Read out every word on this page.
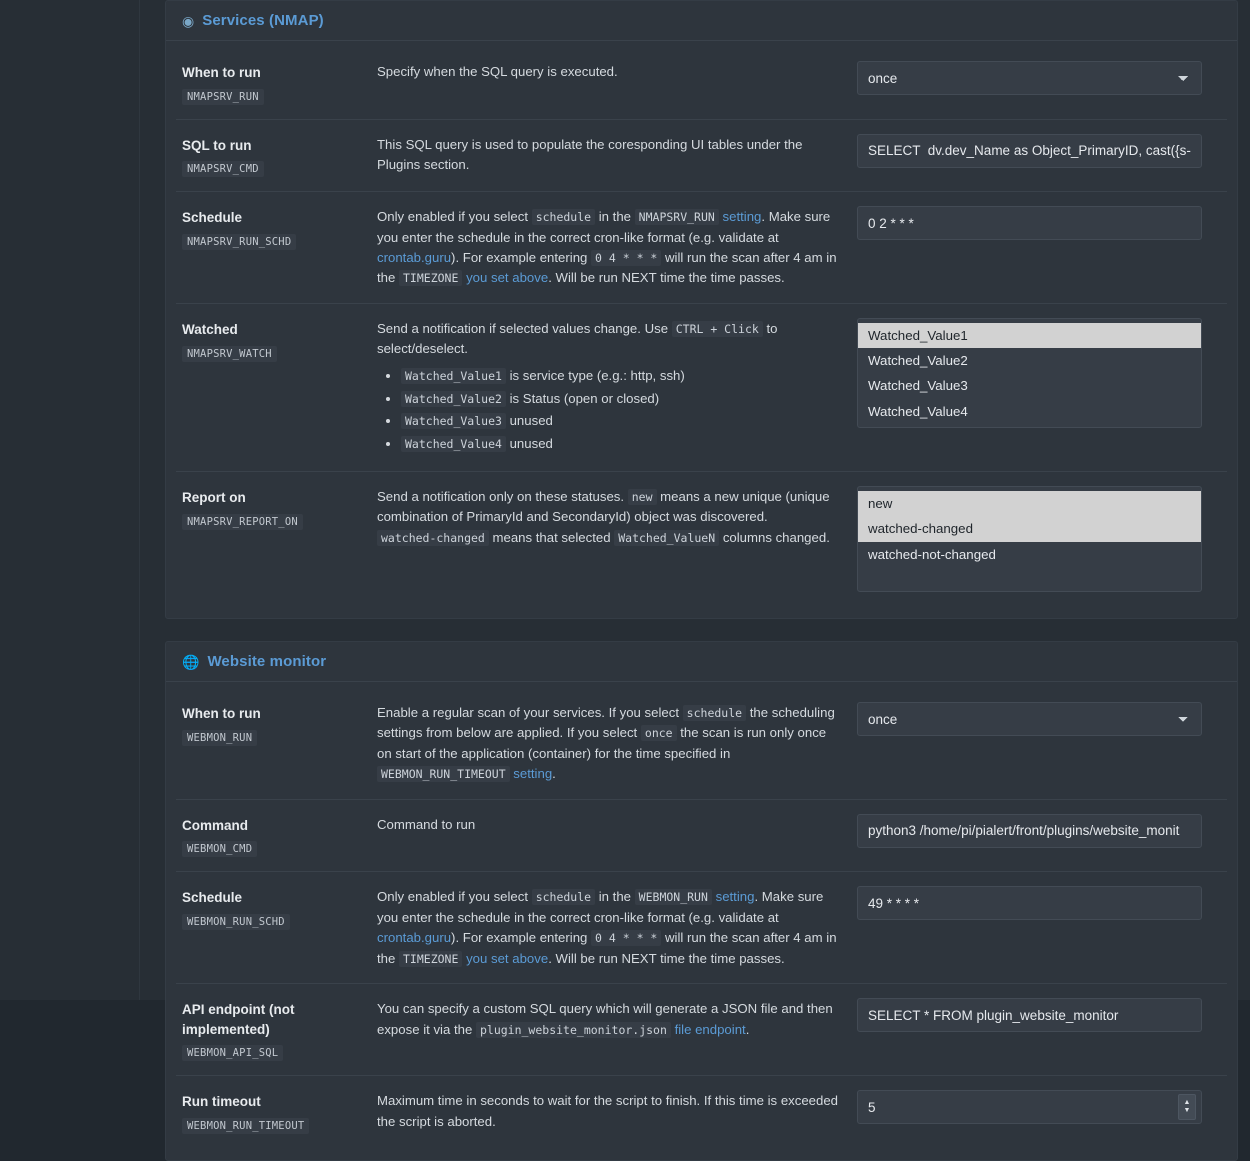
◉ Services (NMAP)
When to run
NMAPSRV_RUN
Specify when the SQL query is executed.
once
SQL to run
NMAPSRV_CMD
This SQL query is used to populate the coresponding UI tables under the Plugins section.
SELECT dv.dev_Name as Object_PrimaryID, cast({s-quo
Schedule
NMAPSRV_RUN_SCHD
Only enabled if you select schedule in the NMAPSRV_RUN setting. Make sure you enter the schedule in the correct cron-like format (e.g. validate at crontab.guru). For example entering 0 4 * * * will run the scan after 4 am in the TIMEZONE you set above. Will be run NEXT time the time passes.
0 2 * * *
Watched
NMAPSRV_WATCH
Send a notification if selected values change. Use CTRL + Click to select/deselect.
• Watched_Value1 is service type (e.g.: http, ssh)
• Watched_Value2 is Status (open or closed)
• Watched_Value3 unused
• Watched_Value4 unused
Watched_Value1
Watched_Value2
Watched_Value3
Watched_Value4
Report on
NMAPSRV_REPORT_ON
Send a notification only on these statuses. new means a new unique (unique combination of PrimaryId and SecondaryId) object was discovered. watched-changed means that selected Watched_ValueN columns changed.
new
watched-changed
watched-not-changed
🌐 Website monitor
When to run
WEBMON_RUN
Enable a regular scan of your services. If you select schedule the scheduling settings from below are applied. If you select once the scan is run only once on start of the application (container) for the time specified in WEBMON_RUN_TIMEOUT setting.
once
Command
WEBMON_CMD
Command to run
python3 /home/pi/pialert/front/plugins/website_monit
Schedule
WEBMON_RUN_SCHD
Only enabled if you select schedule in the WEBMON_RUN setting. Make sure you enter the schedule in the correct cron-like format (e.g. validate at crontab.guru). For example entering 0 4 * * * will run the scan after 4 am in the TIMEZONE you set above. Will be run NEXT time the time passes.
49 * * * *
API endpoint (not implemented)
WEBMON_API_SQL
You can specify a custom SQL query which will generate a JSON file and then expose it via the plugin_website_monitor.json file endpoint.
SELECT * FROM plugin_website_monitor
Run timeout
WEBMON_RUN_TIMEOUT
Maximum time in seconds to wait for the script to finish. If this time is exceeded the script is aborted.
5
▲
▼
